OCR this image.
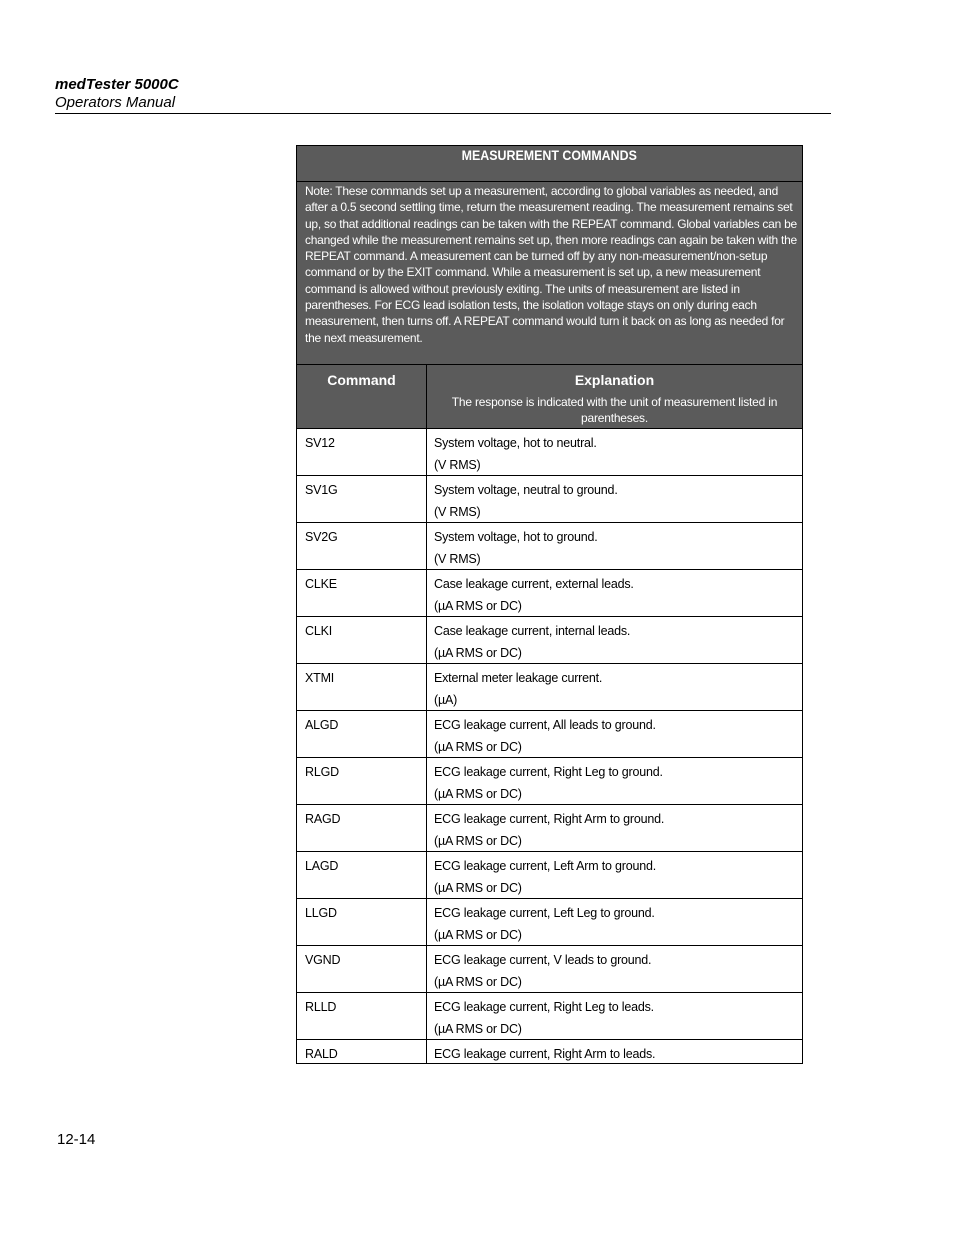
medTester 5000C
Operators Manual
MEASUREMENT COMMANDS	

Note: These commands set up a measurement, according to global variables as needed, and after a 0.5 second settling time, return the measurement reading. The measurement remains set up, so that additional readings can be taken with the REPEAT command. Global variables can be changed while the measurement remains set up, then more readings can again be taken with the REPEAT command. A measurement can be turned off by any non-measurement/non-setup command or by the EXIT command. While a measurement is set up, a new measurement command is allowed without previously exiting. The units of measurement are listed in parentheses. For ECG lead isolation tests, the isolation voltage stays on only during each measurement, then turns off. A REPEAT command would turn it back on as long as needed for the next measurement.	

Command	Explanation
The response is indicated with the unit of measurement listed in parentheses.

SV12	System voltage, hot to neutral.
(V RMS)

SV1G	System voltage, neutral to ground.
(V RMS)

SV2G	System voltage, hot to ground.
(V RMS)

CLKE	Case leakage current, external leads.
(µA RMS or DC)

CLKI	Case leakage current, internal leads.
(µA RMS or DC)

XTMI	External meter leakage current.
(µA)

ALGD	ECG leakage current, All leads to ground.
(µA RMS or DC)

RLGD	ECG leakage current, Right Leg to ground.
(µA RMS or DC)

RAGD	ECG leakage current, Right Arm to ground.
(µA RMS or DC)

LAGD	ECG leakage current, Left Arm to ground.
(µA RMS or DC)

LLGD	ECG leakage current, Left Leg to ground.
(µA RMS or DC)

VGND	ECG leakage current, V leads to ground.
(µA RMS or DC)

RLLD	ECG leakage current, Right Leg to leads.
(µA RMS or DC)

RALD	ECG leakage current, Right Arm to leads.
12-14
